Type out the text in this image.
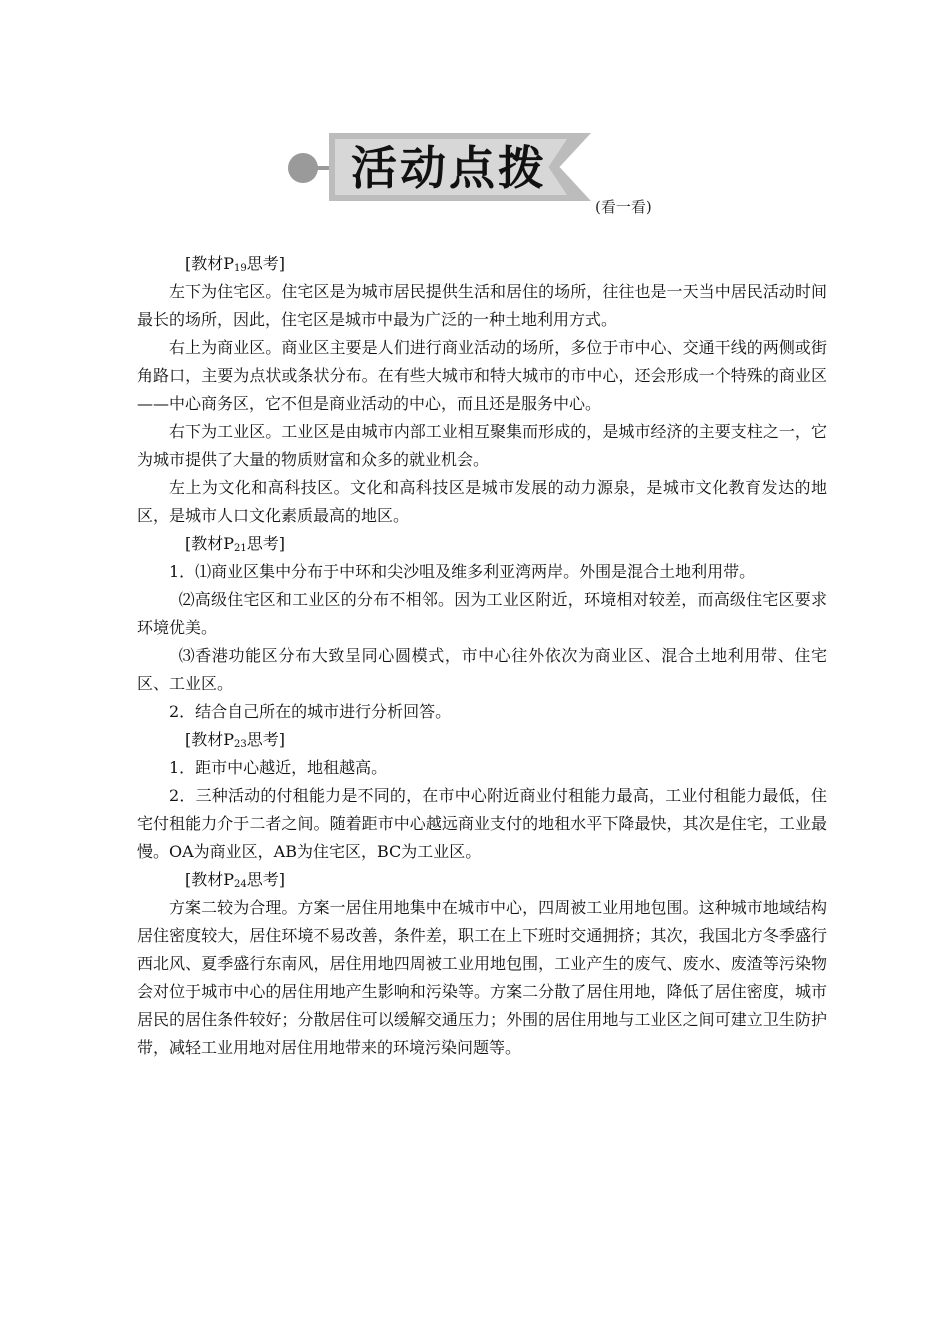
活动点拨
(看一看)

[教材$P_{19}$思考]

左下为住宅区。住宅区是为城市居民提供生活和居住的场所，往往也是一天当中居民活动时间最长的场所，因此，住宅区是城市中最为广泛的一种土地利用方式。

右上为商业区。商业区主要是人们进行商业活动的场所，多位于市中心、交通干线的两侧或街角路口，主要为点状或条状分布。在有些大城市和特大城市的市中心，还会形成一个特殊的商业区——中心商务区，它不但是商业活动的中心，而且还是服务中心。

右下为工业区。工业区是由城市内部工业相互聚集而形成的，是城市经济的主要支柱之一，它为城市提供了大量的物质财富和众多的就业机会。

左上为文化和高科技区。文化和高科技区是城市发展的动力源泉，是城市文化教育发达的地区，是城市人口文化素质最高的地区。

[教材$P_{21}$思考]

1．⑴商业区集中分布于中环和尖沙咀及维多利亚湾两岸。外围是混合土地利用带。

⑵高级住宅区和工业区的分布不相邻。因为工业区附近，环境相对较差，而高级住宅区要求环境优美。

⑶香港功能区分布大致呈同心圆模式，市中心往外依次为商业区、混合土地利用带、住宅区、工业区。

2．结合自己所在的城市进行分析回答。

[教材$P_{23}$思考]

1．距市中心越近，地租越高。

2．三种活动的付租能力是不同的，在市中心附近商业付租能力最高，工业付租能力最低，住宅付租能力介于二者之间。随着距市中心越远商业支付的地租水平下降最快，其次是住宅，工业最慢。OA为商业区，AB为住宅区，BC为工业区。

[教材$P_{24}$思考]

方案二较为合理。方案一居住用地集中在城市中心，四周被工业用地包围。这种城市地域结构居住密度较大，居住环境不易改善，条件差，职工在上下班时交通拥挤；其次，我国北方冬季盛行西北风、夏季盛行东南风，居住用地四周被工业用地包围，工业产生的废气、废水、废渣等污染物会对位于城市中心的居住用地产生影响和污染等。方案二分散了居住用地，降低了居住密度，城市居民的居住条件较好；分散居住可以缓解交通压力；外围的居住用地与工业区之间可建立卫生防护带，减轻工业用地对居住用地带来的环境污染问题等。
